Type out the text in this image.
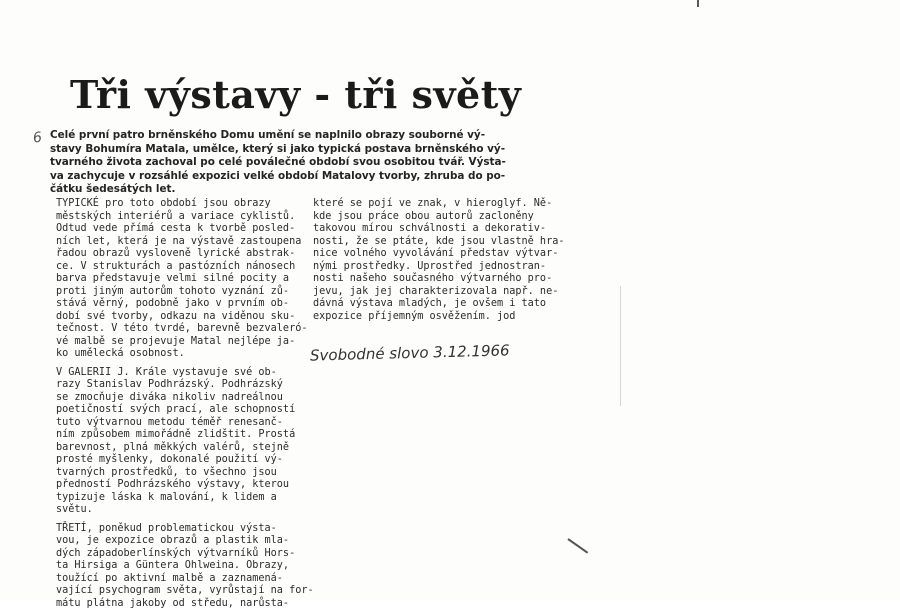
Tři výstavy - tři světy
6 Celé první patro brněnského Domu umění se naplnilo obrazy souborné vý-
stavy Bohumíra Matala, umělce, který si jako typická postava brněnského vý-
tvarného života zachoval po celé poválečné období svou osobitou tvář. Výsta-
va zachycuje v rozsáhlé expozici velké období Matalovy tvorby, zhruba do po-
čátku šedesátých let.
TYPICKÉ pro toto období jsou obrazy
městských interiérů a variace cyklistů.
Odtud vede přímá cesta k tvorbě posled-
ních let, která je na výstavě zastoupena
řadou obrazů vysloveně lyrické abstrak-
ce. V strukturách a pastózních nánosech
barva představuje velmi silné pocity a
proti jiným autorům tohoto vyznání zů-
stává věrný, podobně jako v prvním ob-
dobí své tvorby, odkazu na viděnou sku-
tečnost. V této tvrdé, barevně bezvaleró-
vé malbě se projevuje Matal nejlépe ja-
ko umělecká osobnost.
V GALERII J. Krále vystavuje své ob-
razy Stanislav Podhrázský. Podhrázský
se zmocňuje diváka nikoliv nadreálnou
poetičností svých prací, ale schopností
tuto výtvarnou metodu téměř renesanč-
ním způsobem mimořádně zlidštit. Prostá
barevnost, plná měkkých valérů, stejně
prosté myšlenky, dokonalé použití vý-
tvarných prostředků, to všechno jsou
předností Podhrázského výstavy, kterou
typizuje láska k malování, k lidem a
světu.
TŘETÍ, poněkud problematickou výsta-
vou, je expozice obrazů a plastik mla-
dých západoberlínských výtvarníků Hors-
ta Hirsiga a Güntera Ohlweina. Obrazy,
toužící po aktivní malbě a zaznamená-
vající psychogram světa, vyrůstají na for-
mátu plátna jakoby od středu, narůsta-
které se pojí ve znak, v hieroglyf. Ně-
kde jsou práce obou autorů zacloněny
takovou mírou schválnosti a dekorativ-
nosti, že se ptáte, kde jsou vlastně hra-
nice volného vyvolávání představ výtvar-
nými prostředky. Uprostřed jednostran-
nosti našeho současného výtvarného pro-
jevu, jak jej charakterizovala např. ne-
dávná výstava mladých, je ovšem i tato
expozice příjemným osvěžením. jod
Svobodné slovo 3.12.1966
